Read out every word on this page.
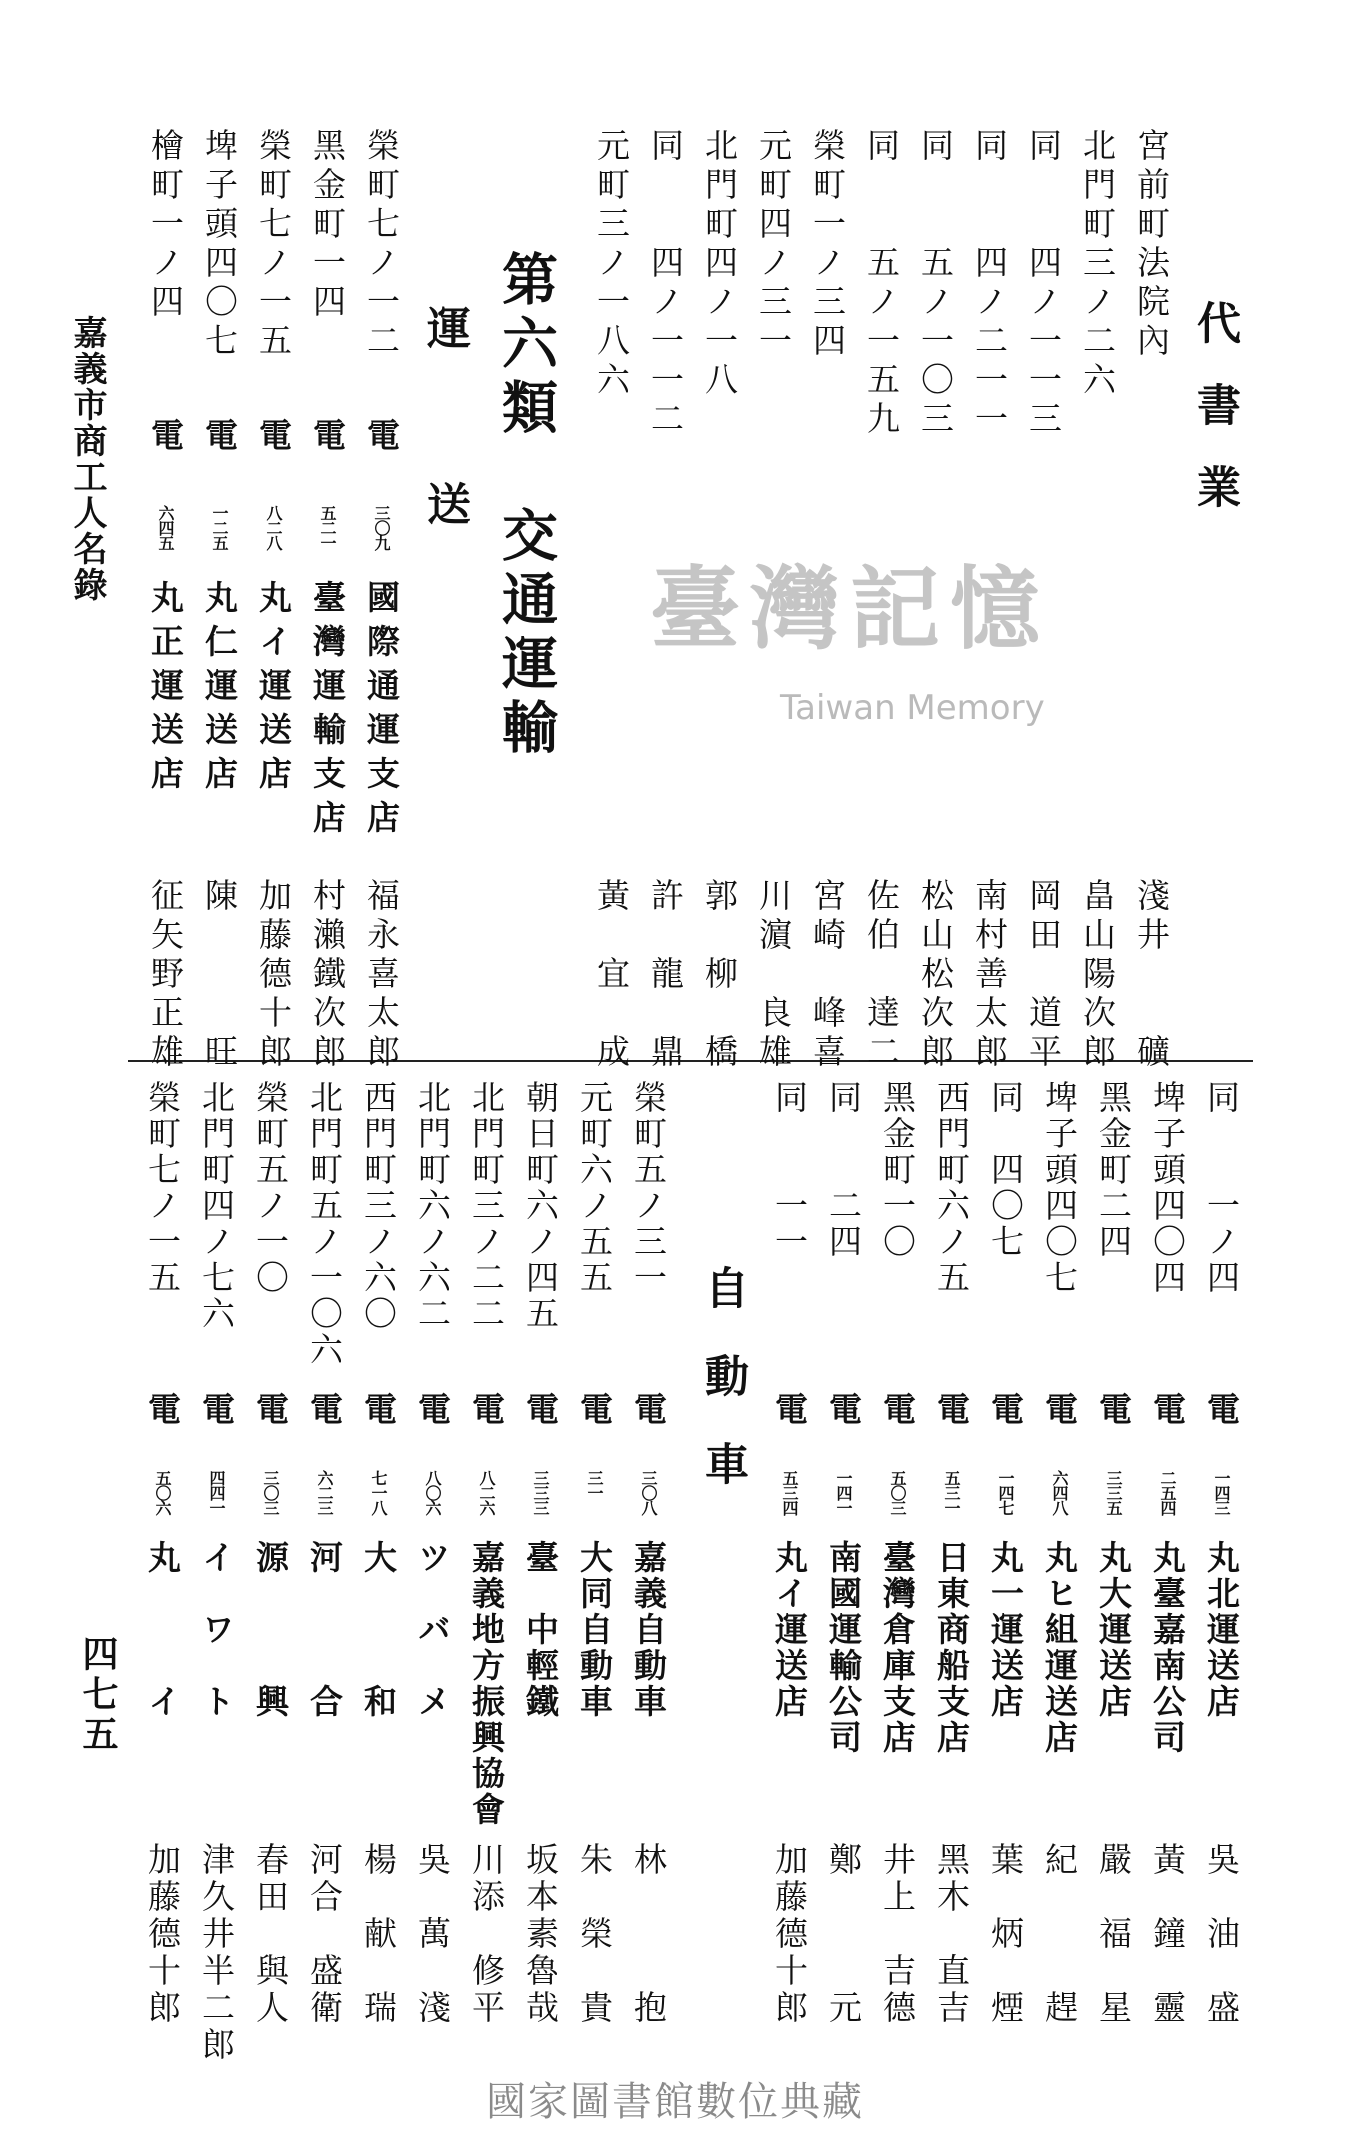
嘉義市商工人名錄
四七五
代書業
第六類　交通運輸
運　　　送
自　動　車
臺灣記憶
Taiwan Memory
宮前町法院內
淺井　　礦
北門町三ノ二六
畠山陽次郎
同　　四ノ一一三
岡田　道平
同　　四ノ二一一
南村善太郎
同　　五ノ一〇三
松山松次郎
同　　五ノ一五九
佐伯　達二
榮町一ノ三四
宮崎　峰喜
元町四ノ三一
川濵　良雄
北門町四ノ一八
郭　柳　橋
同　　四ノ一一二
許　龍　鼎
元町三ノ一八六
黃　宜　成
榮町七ノ一二
電
三〇九
國際通運支店
福永喜太郎
黑金町一四
電
五二一
臺灣運輸支店
村瀨鐵次郎
榮町七ノ一五
電
八二八
丸イ運送店
加藤德十郎
埤子頭四〇七
電
一二五
丸仁運送店
陳　　　旺
檜町一ノ四
電
六四五
丸正運送店
征矢野正雄
同　　一ノ四
電
一四三
丸北運送店
吳　油　盛
埤子頭四〇四
電
二五四
丸臺嘉南公司
黃　鐘　靈
黑金町二四
電
三三五
丸大運送店
嚴　福　星
埤子頭四〇七
電
六四八
丸ヒ組運送店
紀　　　趕
同　四〇七
電
一四七
丸一運送店
葉　炳　煙
西門町六ノ五
電
五三一
日東商船支店
黑木　直吉
黑金町一〇
電
五〇三
臺灣倉庫支店
井上　吉德
同　　二四
電
一四一
南國運輸公司
鄭　　　元
同　　一一
電
五三四
丸イ運送店
加藤德十郎
榮町五ノ三一
電
三〇八
嘉義自動車
林　　　抱
元町六ノ五五
電
三一
大同自動車
朱　榮　貴
朝日町六ノ四五
電
三三三
臺　中輕鐵
坂本素魯哉
北門町三ノ二二
電
八二六
嘉義地方振興協會
川添　修平
北門町六ノ六二
電
八〇六
ツ　バ　メ
吳　萬　淺
西門町三ノ六〇
電
七一八
大　　　和
楊　献　瑞
北門町五ノ一〇六
電
六二三
河　　　合
河合　盛衛
榮町五ノ一〇
電
三〇三
源　　　興
春田　與人
北門町四ノ七六
電
四四一
イ　ワ　ト
津久井半二郎
榮町七ノ一五
電
五〇六
丸　　　イ
加藤德十郎
國家圖書館數位典藏
